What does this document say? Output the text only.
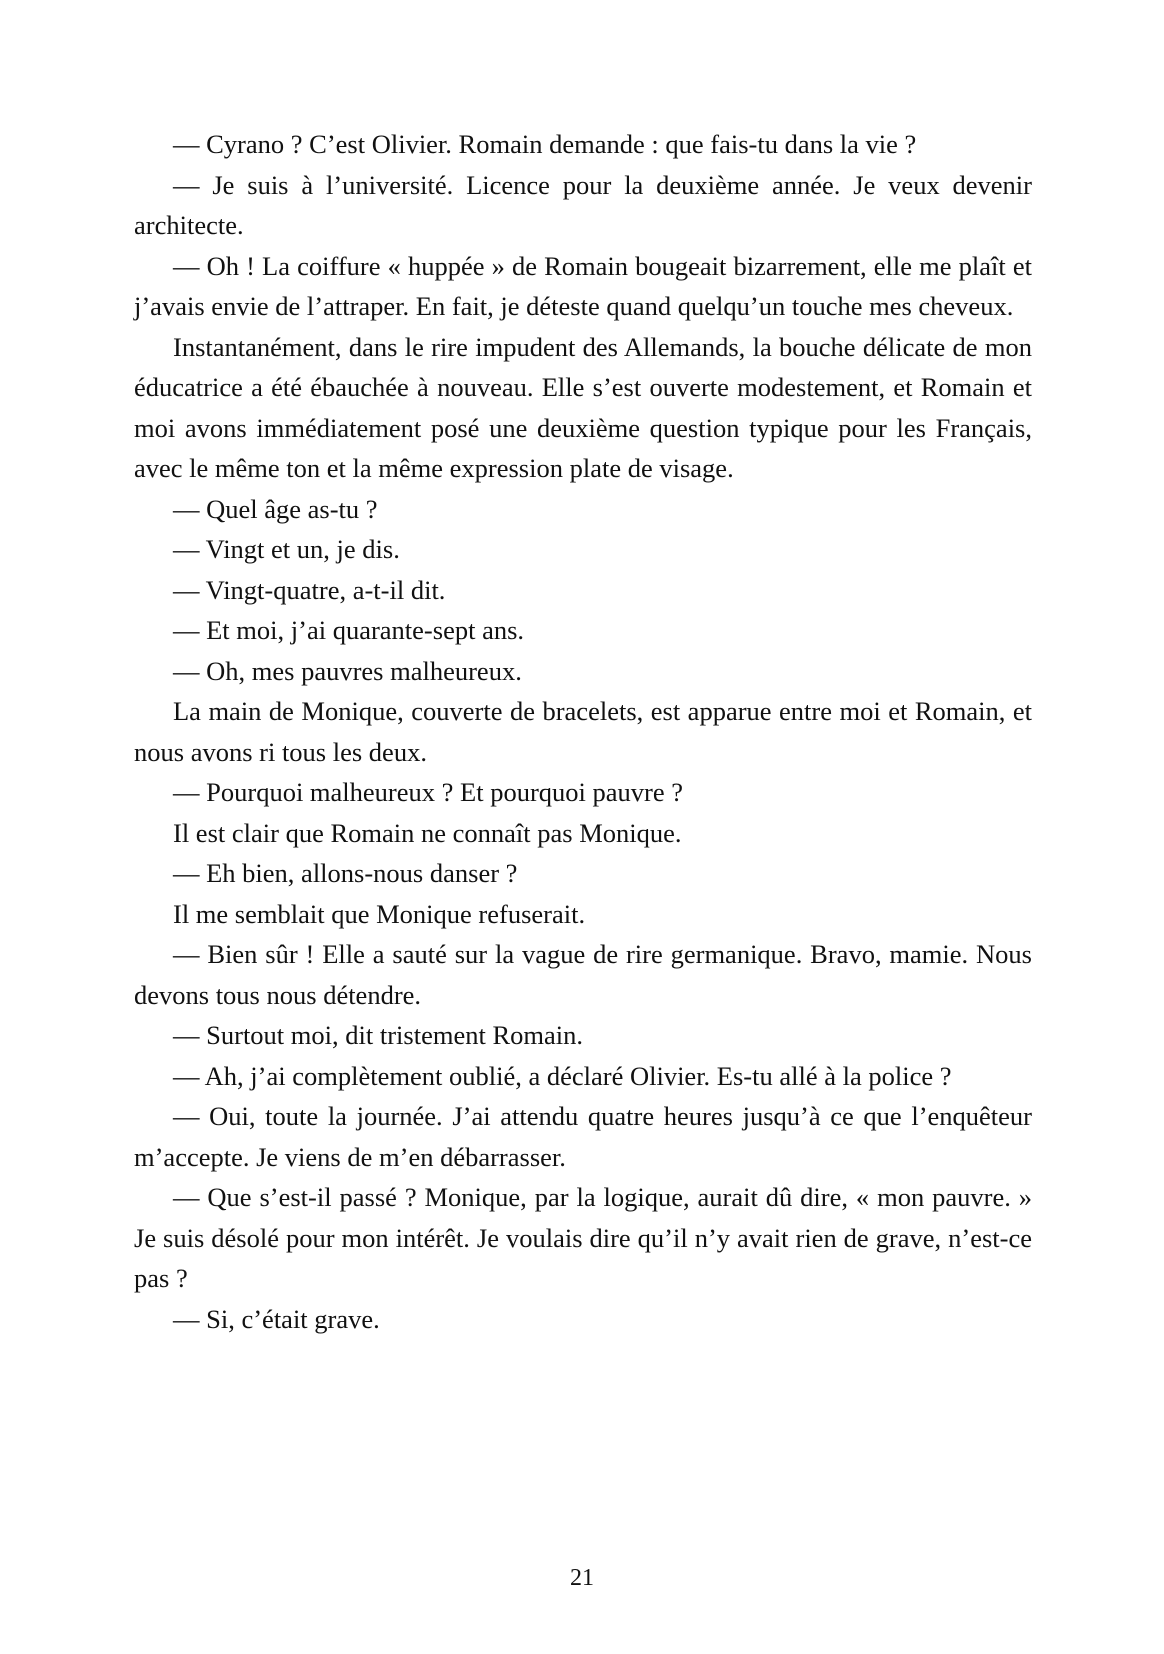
— Cyrano ? C’est Olivier. Romain demande : que fais-tu dans la vie ?

— Je suis à l’université. Licence pour la deuxième année. Je veux devenir architecte.

— Oh ! La coiffure « huppée » de Romain bougeait bizarrement, elle me plaît et j’avais envie de l’attraper. En fait, je déteste quand quelqu’un touche mes cheveux.

Instantanément, dans le rire impudent des Allemands, la bouche délicate de mon éducatrice a été ébauchée à nouveau. Elle s’est ouverte modestement, et Romain et moi avons immédiatement posé une deuxième question typique pour les Français, avec le même ton et la même expression plate de visage.

— Quel âge as-tu ?

— Vingt et un, je dis.

— Vingt-quatre, a-t-il dit.

— Et moi, j’ai quarante-sept ans.

— Oh, mes pauvres malheureux.

La main de Monique, couverte de bracelets, est apparue entre moi et Romain, et nous avons ri tous les deux.

— Pourquoi malheureux ? Et pourquoi pauvre ?

Il est clair que Romain ne connaît pas Monique.

— Eh bien, allons-nous danser ?

Il me semblait que Monique refuserait.

— Bien sûr ! Elle a sauté sur la vague de rire germanique. Bravo, mamie. Nous devons tous nous détendre.

— Surtout moi, dit tristement Romain.

— Ah, j’ai complètement oublié, a déclaré Olivier. Es-tu allé à la police ?

— Oui, toute la journée. J’ai attendu quatre heures jusqu’à ce que l’enquêteur m’accepte. Je viens de m’en débarrasser.

— Que s’est-il passé ? Monique, par la logique, aurait dû dire, « mon pauvre. » Je suis désolé pour mon intérêt. Je voulais dire qu’il n’y avait rien de grave, n’est-ce pas ?

— Si, c’était grave.

21
